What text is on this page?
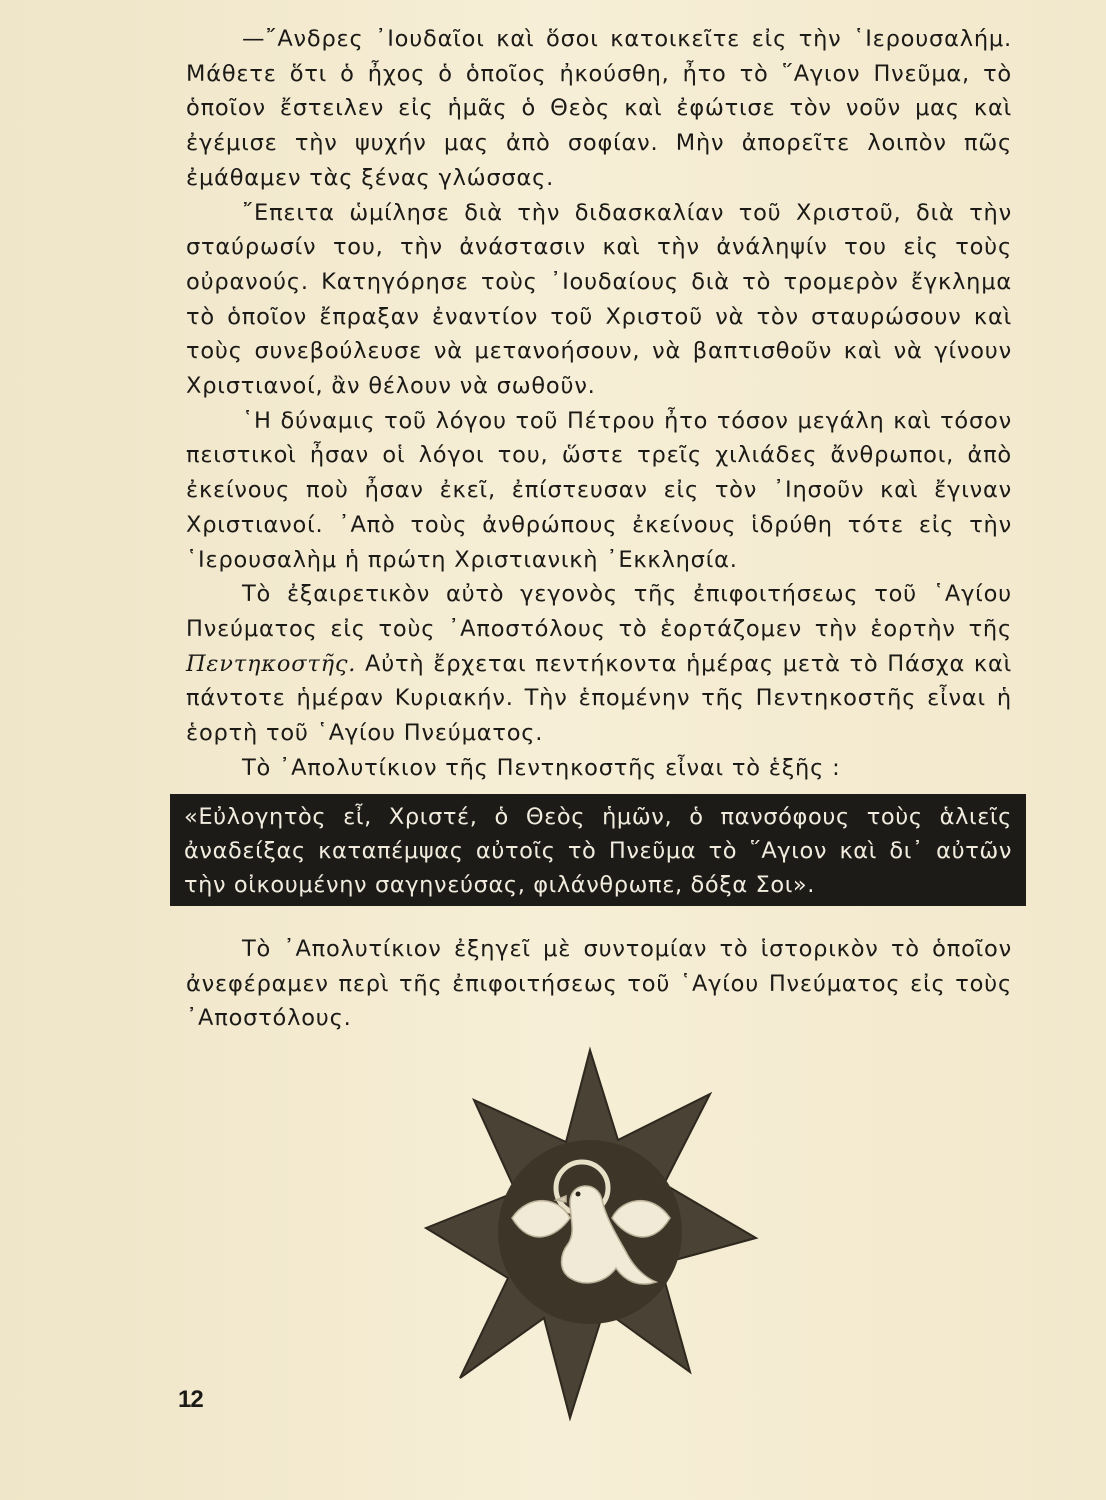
—῎Ανδρες ᾽Ιουδαῖοι καὶ ὅσοι κατοικεῖτε εἰς τὴν ῾Ιερουσαλήμ. Μάθετε ὅτι ὁ ἦχος ὁ ὁποῖος ἠκούσθη, ἦτο τὸ ῞Αγιον Πνεῦμα, τὸ ὁποῖον ἔστειλεν εἰς ἡμᾶς ὁ Θεὸς καὶ ἐφώτισε τὸν νοῦν μας καὶ ἐγέμισε τὴν ψυχήν μας ἀπὸ σοφίαν. Μὴν ἀπορεῖτε λοιπὸν πῶς ἐμάθαμεν τὰς ξένας γλώσσας.

῎Επειτα ὡμίλησε διὰ τὴν διδασκαλίαν τοῦ Χριστοῦ, διὰ τὴν σταύρωσίν του, τὴν ἀνάστασιν καὶ τὴν ἀνάληψίν του εἰς τοὺς οὐρανούς. Κατηγόρησε τοὺς ᾽Ιουδαίους διὰ τὸ τρομερὸν ἔγκλημα τὸ ὁποῖον ἔπραξαν ἐναντίον τοῦ Χριστοῦ νὰ τὸν σταυρώσουν καὶ τοὺς συνεβούλευσε νὰ μετανοήσουν, νὰ βαπτισθοῦν καὶ νὰ γίνουν Χριστιανοί, ἂν θέλουν νὰ σωθοῦν.

῾Η δύναμις τοῦ λόγου τοῦ Πέτρου ἦτο τόσον μεγάλη καὶ τόσον πειστικοὶ ἦσαν οἱ λόγοι του, ὥστε τρεῖς χιλιάδες ἄνθρωποι, ἀπὸ ἐκείνους ποὺ ἦσαν ἐκεῖ, ἐπίστευσαν εἰς τὸν ᾽Ιησοῦν καὶ ἔγιναν Χριστιανοί. ᾽Απὸ τοὺς ἀνθρώπους ἐκείνους ἱδρύθη τότε εἰς τὴν ῾Ιερουσαλὴμ ἡ πρώτη Χριστιανικὴ ᾽Εκκλησία.

Τὸ ἐξαιρετικὸν αὐτὸ γεγονὸς τῆς ἐπιφοιτήσεως τοῦ ῾Αγίου Πνεύματος εἰς τοὺς ᾽Αποστόλους τὸ ἑορτάζομεν τὴν ἑορτὴν τῆς Πεντηκοστῆς. Αὐτὴ ἔρχεται πεντήκοντα ἡμέρας μετὰ τὸ Πάσχα καὶ πάντοτε ἡμέραν Κυριακήν. Τὴν ἑπομένην τῆς Πεντηκοστῆς εἶναι ἡ ἑορτὴ τοῦ ῾Αγίου Πνεύματος.

Τὸ ᾽Απολυτίκιον τῆς Πεντηκοστῆς εἶναι τὸ ἑξῆς :

«Εὐλογητὸς εἶ, Χριστέ, ὁ Θεὸς ἡμῶν, ὁ πανσόφους τοὺς ἁλιεῖς ἀναδείξας καταπέμψας αὐτοῖς τὸ Πνεῦμα τὸ ῞Αγιον καὶ δι᾽ αὐτῶν τὴν οἰκουμένην σαγηνεύσας, φιλάνθρωπε, δόξα Σοι».

Τὸ ᾽Απολυτίκιον ἐξηγεῖ μὲ συντομίαν τὸ ἱστορικὸν τὸ ὁποῖον ἀνεφέραμεν περὶ τῆς ἐπιφοιτήσεως τοῦ ῾Αγίου Πνεύματος εἰς τοὺς ᾽Αποστόλους.

12
